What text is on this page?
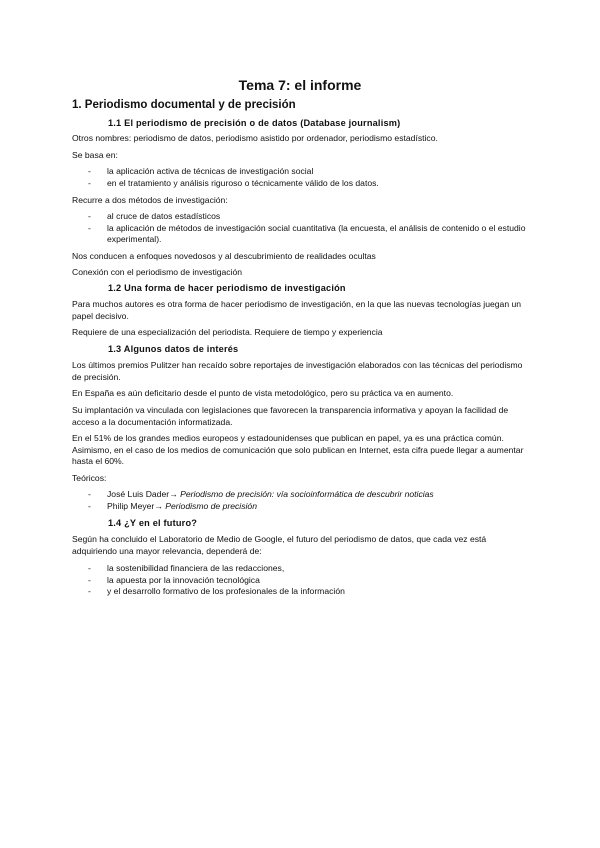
Tema 7: el informe
1. Periodismo documental y de precisión
1.1 El periodismo de precisión o de datos (Database journalism)

Otros nombres: periodismo de datos, periodismo asistido por ordenador, periodismo estadístico.

Se basa en:

- la aplicación activa de técnicas de investigación social
- en el tratamiento y análisis riguroso o técnicamente válido de los datos.

Recurre a dos métodos de investigación:

- al cruce de datos estadísticos
- la aplicación de métodos de investigación social cuantitativa (la encuesta, el análisis de contenido o el estudio experimental).

Nos conducen a enfoques novedosos y al descubrimiento de realidades ocultas

Conexión con el periodismo de investigación

1.2 Una forma de hacer periodismo de investigación

Para muchos autores es otra forma de hacer periodismo de investigación, en la que las nuevas tecnologías juegan un papel decisivo.

Requiere de una especialización del periodista. Requiere de tiempo y experiencia

1.3 Algunos datos de interés

Los últimos premios Pulitzer han recaído sobre reportajes de investigación elaborados con las técnicas del periodismo de precisión.

En España es aún deficitario desde el punto de vista metodológico, pero su práctica va en aumento.

Su implantación va vinculada con legislaciones que favorecen la transparencia informativa y apoyan la facilidad de acceso a la documentación informatizada.

En el 51% de los grandes medios europeos y estadounidenses que publican en papel, ya es una práctica común. Asimismo, en el caso de los medios de comunicación que solo publican en Internet, esta cifra puede llegar a aumentar hasta el 60%.

Teóricos:

- José Luis Dader→ Periodismo de precisión: vía socioinformática de descubrir noticias
- Philip Meyer→ Periodismo de precisión
1.4 ¿Y en el futuro?

Según ha concluido el Laboratorio de Medio de Google, el futuro del periodismo de datos, que cada vez está adquiriendo una mayor relevancia, dependerá de:

- la sostenibilidad financiera de las redacciones,
- la apuesta por la innovación tecnológica
- y el desarrollo formativo de los profesionales de la información
